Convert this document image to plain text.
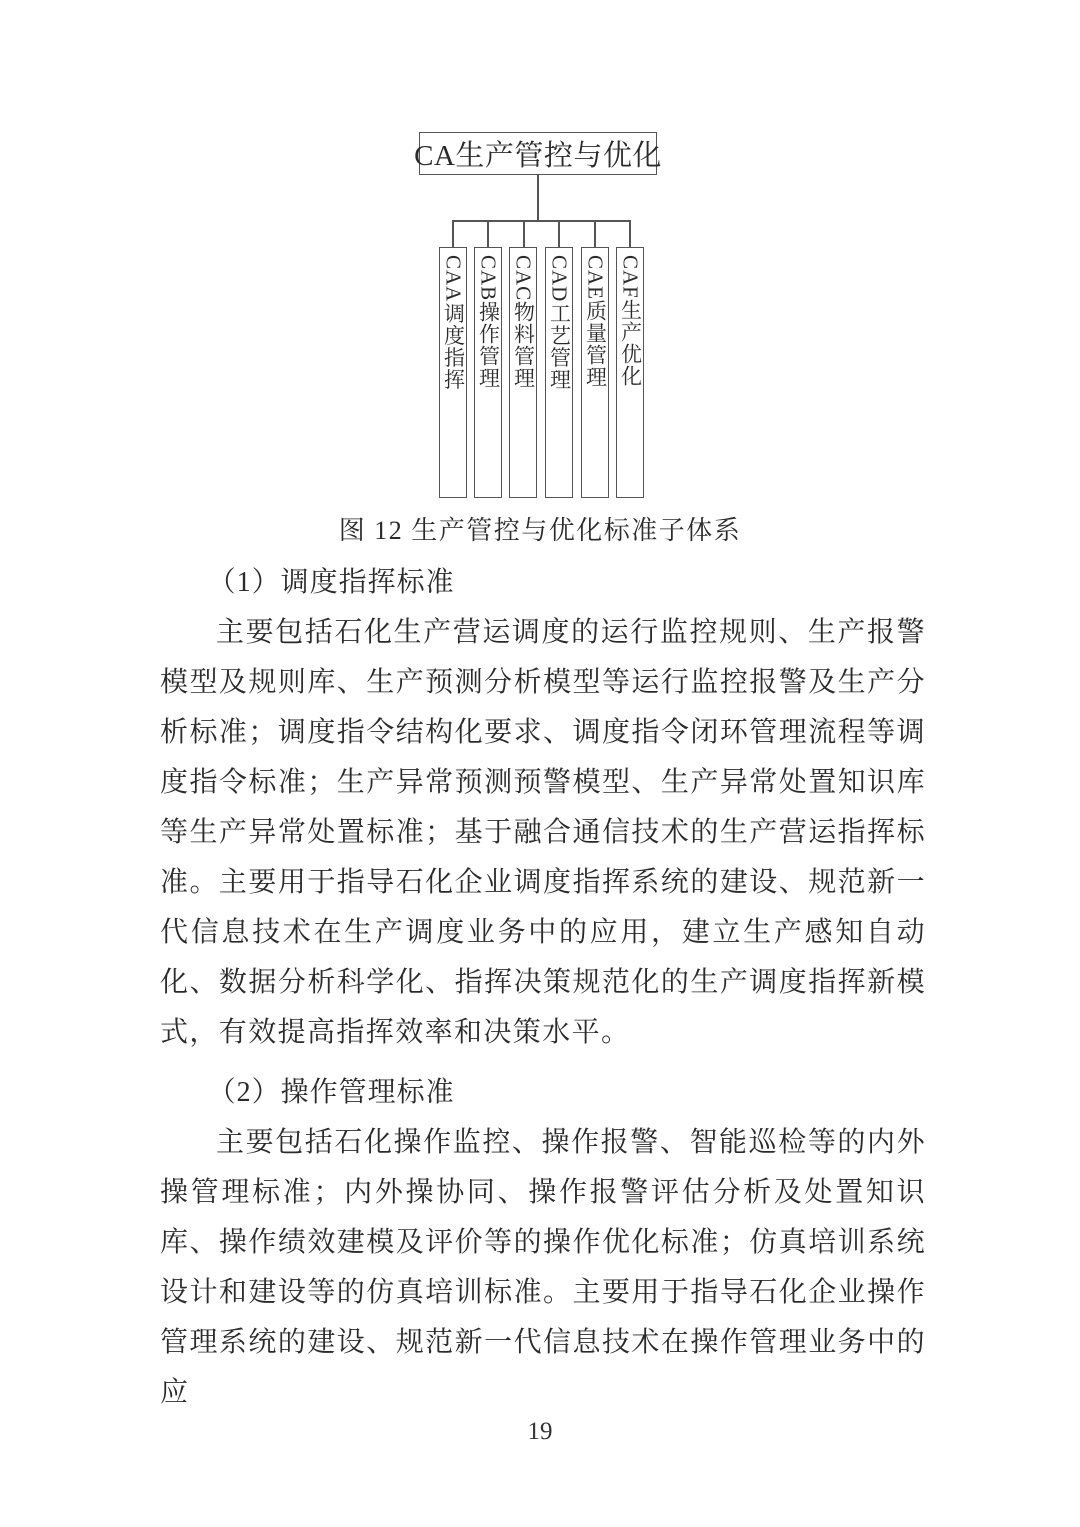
CA生产管控与优化
CAA调度指挥 CAB操作管理 CAC物料管理 CAD工艺管理 CAE质量管理 CAF生产优化
图 12 生产管控与优化标准子体系
（1）调度指挥标准

主要包括石化生产营运调度的运行监控规则、生产报警模型及规则库、生产预测分析模型等运行监控报警及生产分析标准；调度指令结构化要求、调度指令闭环管理流程等调度指令标准；生产异常预测预警模型、生产异常处置知识库等生产异常处置标准；基于融合通信技术的生产营运指挥标准。主要用于指导石化企业调度指挥系统的建设、规范新一代信息技术在生产调度业务中的应用，建立生产感知自动化、数据分析科学化、指挥决策规范化的生产调度指挥新模式，有效提高指挥效率和决策水平。

（2）操作管理标准

主要包括石化操作监控、操作报警、智能巡检等的内外操管理标准；内外操协同、操作报警评估分析及处置知识库、操作绩效建模及评价等的操作优化标准；仿真培训系统设计和建设等的仿真培训标准。主要用于指导石化企业操作管理系统的建设、规范新一代信息技术在操作管理业务中的应

19
